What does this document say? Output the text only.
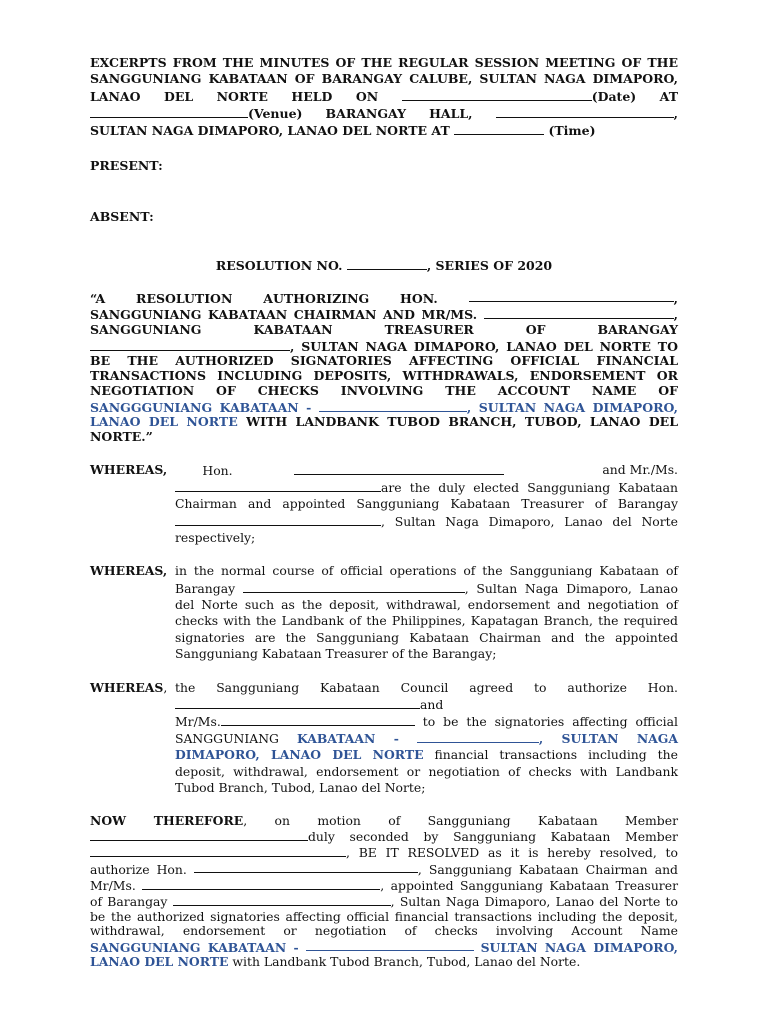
EXCERPTS FROM THE MINUTES OF THE REGULAR SESSION MEETING OF THE SANGGUNIANG KABATAAN OF BARANGAY CALUBE, SULTAN NAGA DIMAPORO, LANAO DEL NORTE HELD ON	(Date) AT (Venue) BARANGAY HALL,	, SULTAN NAGA DIMAPORO, LANAO DEL NORTE AT	(Time)

PRESENT:

ABSENT:

RESOLUTION NO.	, SERIES OF 2020

“A RESOLUTION AUTHORIZING HON.	, SANGGUNIANG KABATAAN CHAIRMAN AND MR/MS.	, SANGGUNIANG KABATAAN TREASURER OF BARANGAY , SULTAN NAGA DIMAPORO, LANAO DEL NORTE TO BE THE AUTHORIZED SIGNATORIES AFFECTING OFFICIAL FINANCIAL TRANSACTIONS INCLUDING DEPOSITS, WITHDRAWALS, ENDORSEMENT OR NEGOTIATION OF CHECKS INVOLVING THE ACCOUNT NAME OF SANGGGUNIANG KABATAAN -	, SULTAN NAGA DIMAPORO, LANAO DEL NORTE WITH LANDBANK TUBOD BRANCH, TUBOD, LANAO DEL NORTE.”

WHEREAS,	Hon.	and Mr./Ms.

are the duly elected Sangguniang Kabataan Chairman and appointed Sangguniang Kabataan Treasurer of Barangay , Sultan Naga Dimaporo, Lanao del Norte respectively;
WHEREAS, in the normal course of official operations of the Sangguniang Kabataan of Barangay	, Sultan Naga Dimaporo, Lanao del Norte such as the deposit, withdrawal, endorsement and negotiation of checks with the Landbank of the Philippines, Kapatagan Branch, the required signatories are the Sangguniang Kabataan Chairman and the appointed Sangguniang Kabataan Treasurer of the Barangay;
WHEREAS, the Sangguniang Kabataan Council agreed to authorize Hon. and
Mr/Ms.	to be the signatories affecting official SANGGUNIANG KABATAAN -	, SULTAN NAGA DIMAPORO, LANAO DEL NORTE financial transactions including the deposit, withdrawal, endorsement or negotiation of checks with Landbank Tubod Branch, Tubod, Lanao del Norte;

NOW THEREFORE, on motion of Sangguniang Kabataan Member duly seconded by Sangguniang Kabataan Member , BE IT RESOLVED as it is hereby resolved, to authorize Hon.	, Sangguniang Kabataan Chairman and Mr/Ms.	, appointed Sangguniang Kabataan Treasurer of Barangay	, Sultan Naga Dimaporo, Lanao del Norte to be the authorized signatories affecting official financial transactions including the deposit, withdrawal, endorsement or negotiation of checks involving Account Name SANGGUNIANG KABATAAN -	SULTAN NAGA DIMAPORO, LANAO DEL NORTE with Landbank Tubod Branch, Tubod, Lanao del Norte.
